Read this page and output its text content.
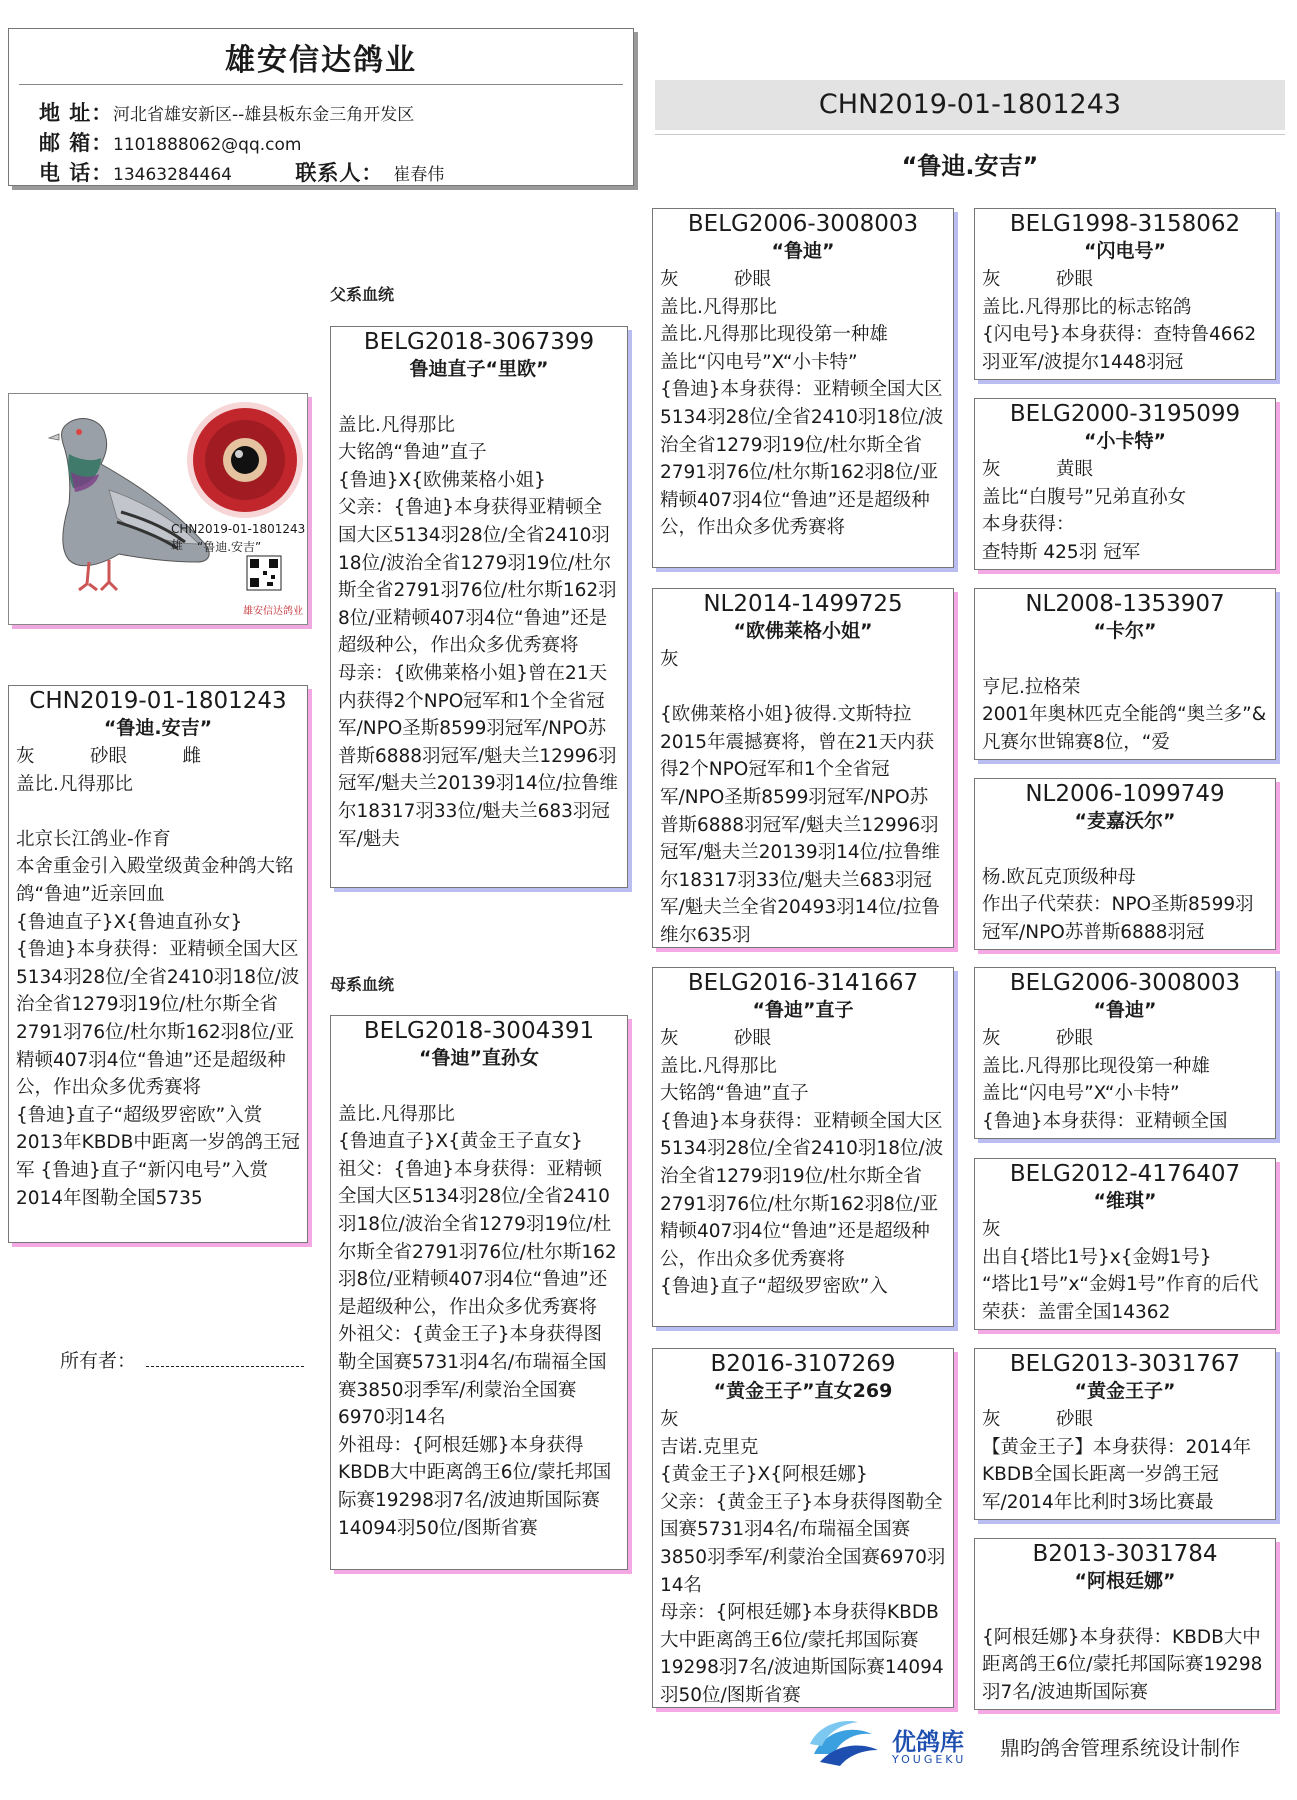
雄安信达鸽业
地 址：河北省雄安新区--雄县板东金三角开发区
邮 箱：1101888062@qq.com
电 话：13463284464	联系人： 崔春伟
CHN2019-01-1801243
“鲁迪.安吉”
父系血统
母系血统
CHN2019-01-1801243雄	“鲁迪.安吉”
雄安信达鸽业
CHN2019-01-1801243
“鲁迪.安吉”
灰　　　砂眼　　　雌
盖比.凡得那比

北京长江鸽业-作育
本舍重金引入殿堂级黄金种鸽大铭鸽“鲁迪”近亲回血
{鲁迪直子}X{鲁迪直孙女}
{鲁迪}本身获得：亚精顿全国大区5134羽28位/全省2410羽18位/波治全省1279羽19位/杜尔斯全省2791羽76位/杜尔斯162羽8位/亚精顿407羽4位“鲁迪”还是超级种公，作出众多优秀赛将
{鲁迪}直子“超级罗密欧”入赏2013年KBDB中距离一岁鸽鸽王冠军 {鲁迪}直子“新闪电号”入赏2014年图勒全国5735
所有者：
BELG2018-3067399
鲁迪直子“里欧”

盖比.凡得那比
大铭鸽“鲁迪”直子
{鲁迪}X{欧佛莱格小姐}
父亲：{鲁迪}本身获得亚精顿全国大区5134羽28位/全省2410羽18位/波治全省1279羽19位/杜尔斯全省2791羽76位/杜尔斯162羽8位/亚精顿407羽4位“鲁迪”还是超级种公，作出众多优秀赛将
母亲：{欧佛莱格小姐}曾在21天内获得2个NPO冠军和1个全省冠军/NPO圣斯8599羽冠军/NPO苏普斯6888羽冠军/魁夫兰12996羽冠军/魁夫兰20139羽14位/拉鲁维尔18317羽33位/魁夫兰683羽冠军/魁夫
BELG2018-3004391
“鲁迪”直孙女

盖比.凡得那比
{鲁迪直子}X{黄金王子直女}
祖父：{鲁迪}本身获得：亚精顿全国大区5134羽28位/全省2410羽18位/波治全省1279羽19位/杜尔斯全省2791羽76位/杜尔斯162羽8位/亚精顿407羽4位“鲁迪”还是超级种公，作出众多优秀赛将
外祖父：{黄金王子}本身获得图勒全国赛5731羽4名/布瑞福全国赛3850羽季军/利蒙治全国赛6970羽14名
外祖母：{阿根廷娜}本身获得KBDB大中距离鸽王6位/蒙托邦国际赛19298羽7名/波迪斯国际赛14094羽50位/图斯省赛
BELG2006-3008003
“鲁迪”
灰　　　砂眼
盖比.凡得那比
盖比.凡得那比现役第一种雄
盖比“闪电号”X“小卡特”
{鲁迪}本身获得：亚精顿全国大区5134羽28位/全省2410羽18位/波治全省1279羽19位/杜尔斯全省2791羽76位/杜尔斯162羽8位/亚精顿407羽4位“鲁迪”还是超级种公，作出众多优秀赛将
NL2014-1499725
“欧佛莱格小姐”
灰

{欧佛莱格小姐}彼得.文斯特拉2015年震撼赛将，曾在21天内获得2个NPO冠军和1个全省冠军/NPO圣斯8599羽冠军/NPO苏普斯6888羽冠军/魁夫兰12996羽冠军/魁夫兰20139羽14位/拉鲁维尔18317羽33位/魁夫兰683羽冠军/魁夫兰全省20493羽14位/拉鲁维尔635羽
BELG2016-3141667
“鲁迪”直子
灰　　　砂眼
盖比.凡得那比
大铭鸽“鲁迪”直子
{鲁迪}本身获得：亚精顿全国大区5134羽28位/全省2410羽18位/波治全省1279羽19位/杜尔斯全省2791羽76位/杜尔斯162羽8位/亚精顿407羽4位“鲁迪”还是超级种公，作出众多优秀赛将
{鲁迪}直子“超级罗密欧”入
B2016-3107269
“黄金王子”直女269
灰
吉诺.克里克
{黄金王子}X{阿根廷娜}
父亲：{黄金王子}本身获得图勒全国赛5731羽4名/布瑞福全国赛3850羽季军/利蒙治全国赛6970羽14名
母亲：{阿根廷娜}本身获得KBDB大中距离鸽王6位/蒙托邦国际赛19298羽7名/波迪斯国际赛14094羽50位/图斯省赛
BELG1998-3158062
“闪电号”
灰　　　砂眼
盖比.凡得那比的标志铭鸽
{闪电号}本身获得：查特鲁4662羽亚军/波提尔1448羽冠
BELG2000-3195099
“小卡特”
灰　　　黄眼
盖比“白腹号”兄弟直孙女
本身获得：
查特斯 425羽 冠军
NL2008-1353907
“卡尔”

亨尼.拉格荣
2001年奥林匹克全能鸽“奥兰多”&凡赛尔世锦赛8位，“爱
NL2006-1099749
“麦嘉沃尔”

杨.欧瓦克顶级种母
作出子代荣获：NPO圣斯8599羽冠军/NPO苏普斯6888羽冠
BELG2006-3008003
“鲁迪”
灰　　　砂眼
盖比.凡得那比现役第一种雄
盖比“闪电号”X“小卡特”
{鲁迪}本身获得：亚精顿全国
BELG2012-4176407
“维琪”
灰
出自{塔比1号}x{金姆1号}
“塔比1号”x“金姆1号”作育的后代荣获：盖雷全国14362
BELG2013-3031767
“黄金王子”
灰　　　砂眼
【黄金王子】本身获得：2014年KBDB全国长距离一岁鸽王冠军/2014年比利时3场比赛最
B2013-3031784
“阿根廷娜”

{阿根廷娜}本身获得：KBDB大中距离鸽王6位/蒙托邦国际赛19298羽7名/波迪斯国际赛
优鸽库
YOUGEKU 鼎昀鸽舍管理系统设计制作
